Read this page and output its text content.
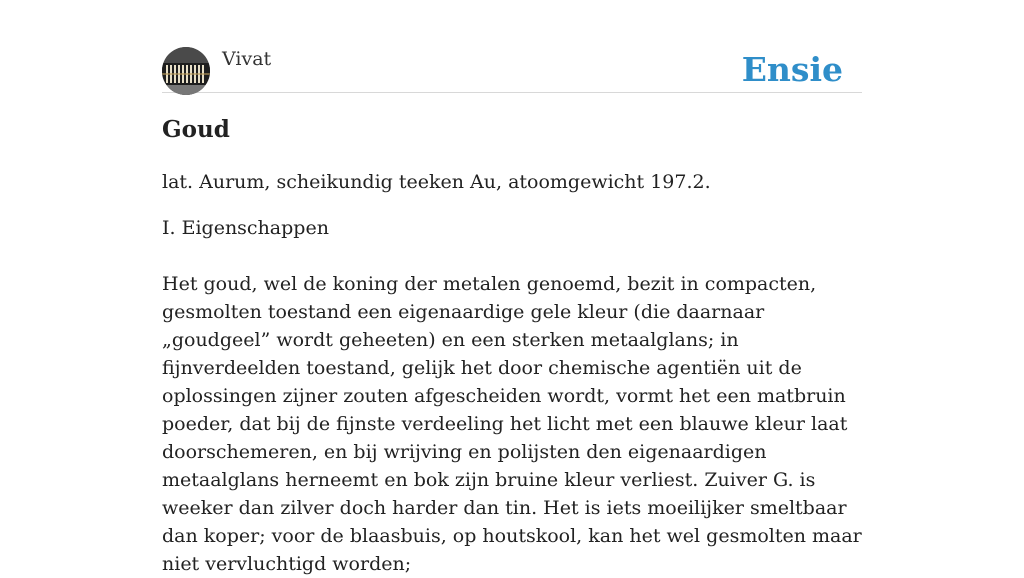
Vivat	Ensie
Goud
lat. Aurum, scheikundig teeken Au, atoomgewicht 197.2.
I. Eigenschappen
Het goud, wel de koning der metalen genoemd, bezit in compacten, gesmolten toestand een eigenaardige gele kleur (die daarnaar „goudgeel” wordt geheeten) en een sterken metaalglans; in fijnverdeelden toestand, gelijk het door chemische agentiën uit de oplossingen zijner zouten afgescheiden wordt, vormt het een matbruin poeder, dat bij de fijnste verdeeling het licht met een blauwe kleur laat doorschemeren, en bij wrijving en polijsten den eigenaardigen metaalglans herneemt en bok zijn bruine kleur verliest. Zuiver G. is weeker dan zilver doch harder dan tin. Het is iets moeilijker smeltbaar dan koper; voor de blaasbuis, op houtskool, kan het wel gesmolten maar niet vervluchtigd worden;
